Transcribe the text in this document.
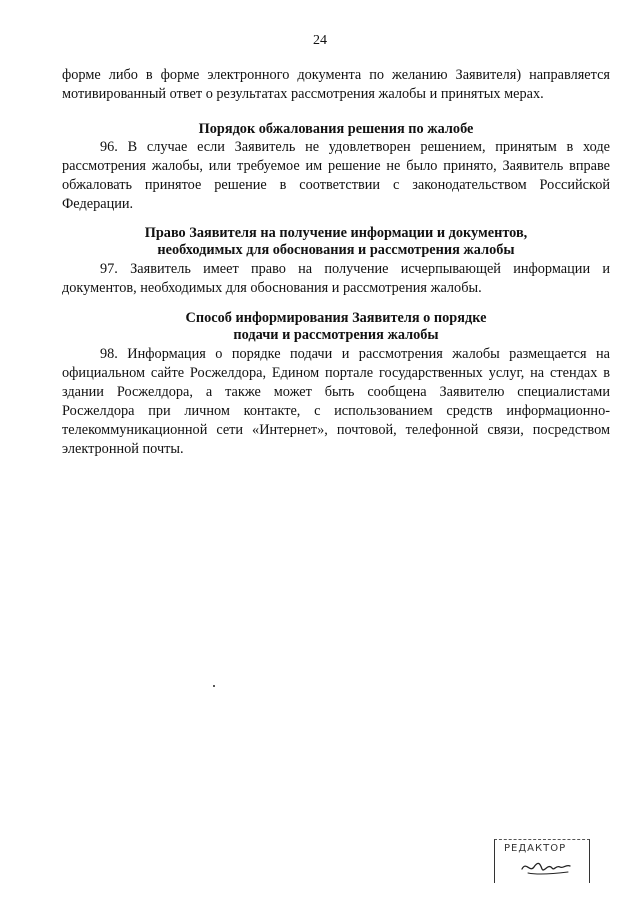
24

форме либо в форме электронного документа по желанию Заявителя) направляется

мотивированный ответ о результатах рассмотрения жалобы и принятых мерах.

Порядок обжалования решения по жалобе

96. В случае если Заявитель не удовлетворен решением, принятым в ходе рассмотрения жалобы, или требуемое им решение не было принято, Заявитель вправе обжаловать принятое решение в соответствии с законодательством Российской Федерации.

Право Заявителя на получение информации и документов,

необходимых для обоснования и рассмотрения жалобы

97. Заявитель имеет право на получение исчерпывающей информации и документов, необходимых для обоснования и рассмотрения жалобы.

Способ информирования Заявителя о порядке

подачи и рассмотрения жалобы

98. Информация о порядке подачи и рассмотрения жалобы размещается на официальном сайте Росжелдора, Едином портале государственных услуг, на стендах в здании Росжелдора, а также может быть сообщена Заявителю специалистами Росжелдора при личном контакте, с использованием средств информационно-телекоммуникационной сети «Интернет», почтовой, телефонной связи, посредством электронной почты.

РЕДАКТОР
